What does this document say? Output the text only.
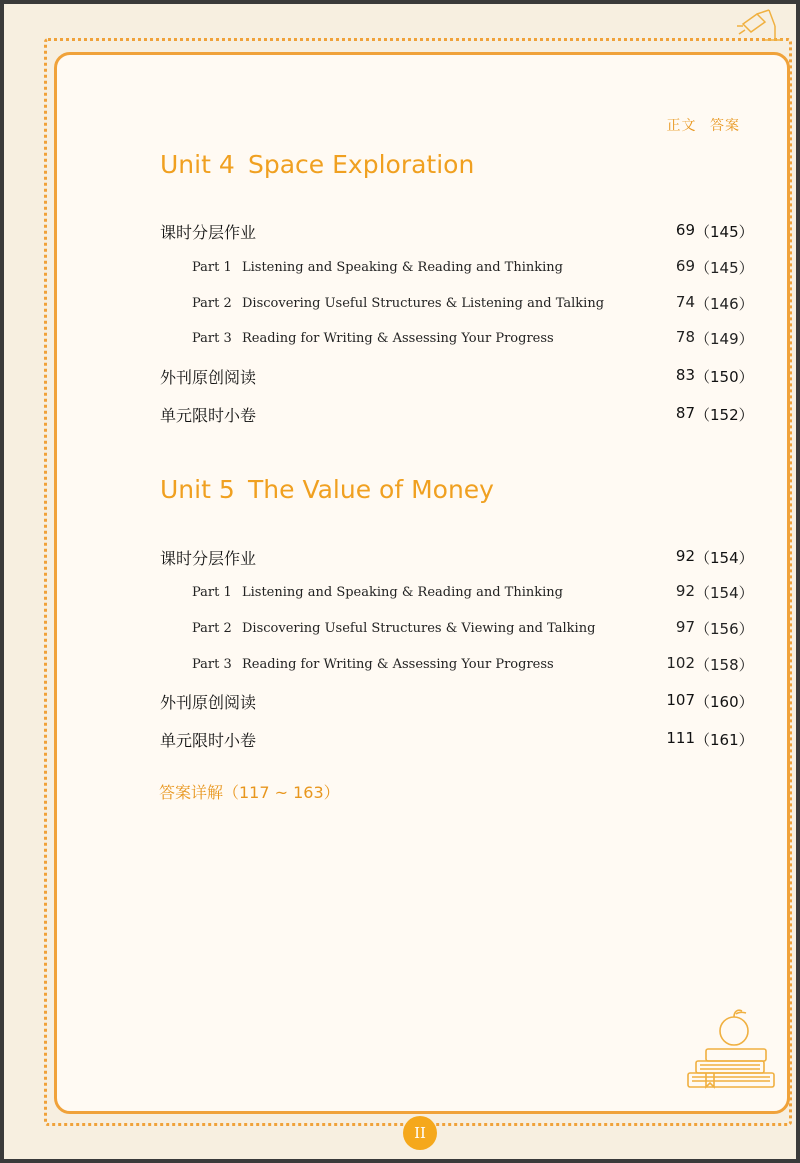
正文 答案
Unit 4 Space Exploration
课时分层作业	69 （145）
Part 1 Listening and Speaking & Reading and Thinking	69 （145）
Part 2 Discovering Useful Structures & Listening and Talking	74 （146）
Part 3 Reading for Writing & Assessing Your Progress	78 （149）
外刊原创阅读	83 （150）
单元限时小卷	87 （152）
Unit 5 The Value of Money
课时分层作业	92 （154）
Part 1 Listening and Speaking & Reading and Thinking	92 （154）
Part 2 Discovering Useful Structures & Viewing and Talking	97 （156）
Part 3 Reading for Writing & Assessing Your Progress	102 （158）
外刊原创阅读	107 （160）
单元限时小卷	111 （161）
答案详解（117 ~ 163）
II
